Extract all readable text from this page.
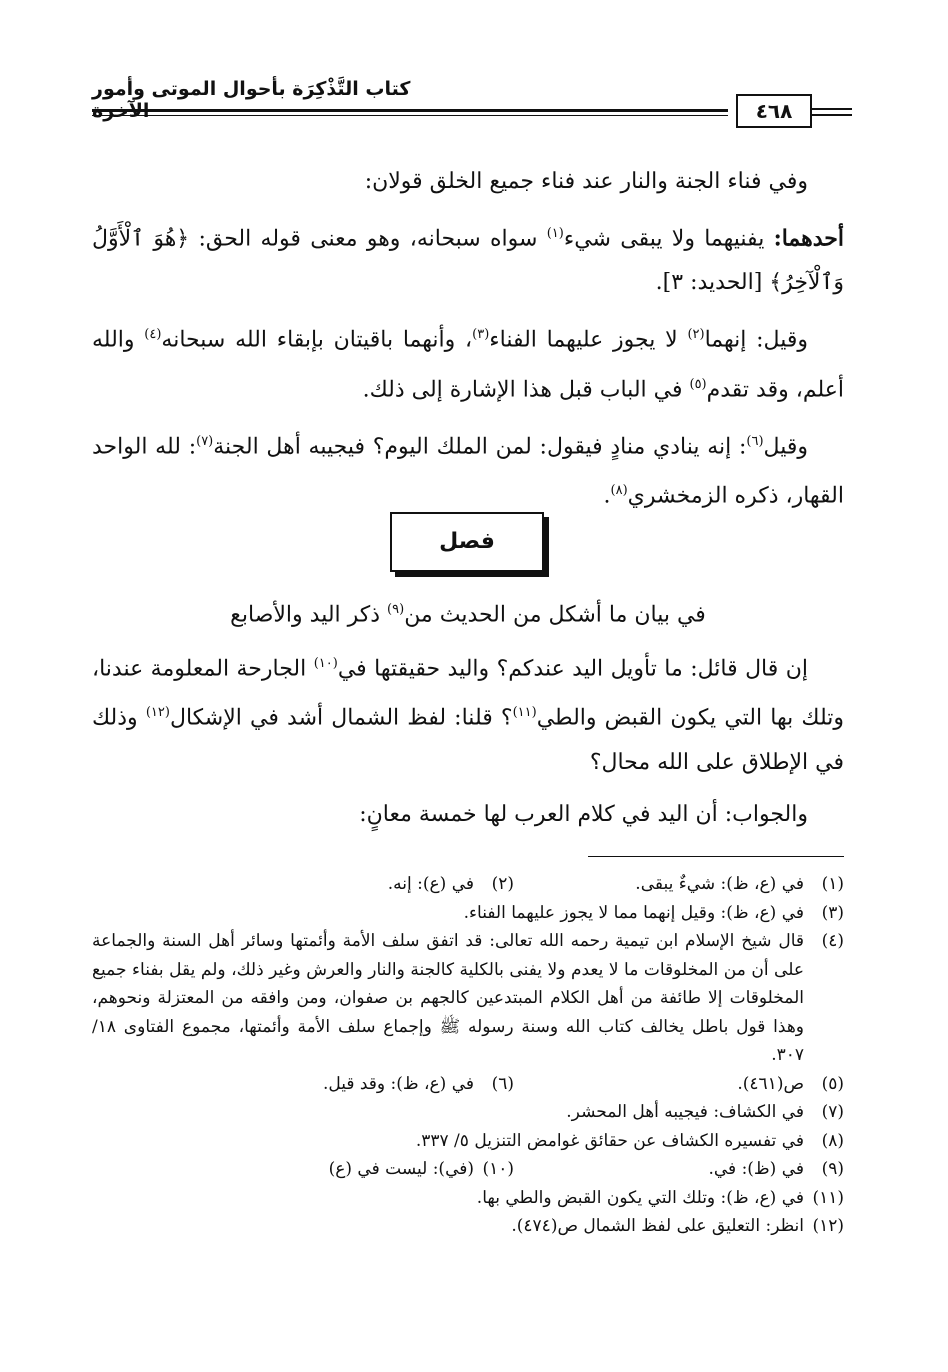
كتاب التَّذْكِرَة بأحوال الموتى وأمور
٤٦٨

وفي فناء الجنة والنار عند فناء جميع الخلق قولان:

أحدهما: يفنيهما ولا يبقى شيء$^{(١)}$ سواه سبحانه، وهو معنى قوله الحق: ﴿هُوَ ٱلْأَوَّلُ وَٱلْآخِرُ﴾ [الحديد: ٣].

وقيل: إنهما$^{(٢)}$ لا يجوز عليهما الفناء$^{(٣)}$، وأنهما باقيتان بإبقاء الله سبحانه$^{(٤)}$ والله أعلم، وقد تقدم$^{(٥)}$ في الباب قبل هذا الإشارة إلى ذلك.

وقيل$^{(٦)}$: إنه ينادي منادٍ فيقول: لمن الملك اليوم؟ فيجيبه أهل الجنة$^{(٧)}$: لله الواحد القهار، ذكره الزمخشري$^{(٨)}$.

فصل
في بيان ما أشكل من الحديث من$^{(٩)}$ ذكر اليد والأصابع

إن قال قائل: ما تأويل اليد عندكم؟ واليد حقيقتها في$^{(١٠)}$ الجارحة المعلومة عندنا، وتلك بها التي يكون القبض والطي$^{(١١)}$؟ قلنا: لفظ الشمال أشد في الإشكال$^{(١٢)}$ وذلك في الإطلاق على الله محال؟

والجواب: أن اليد في كلام العرب لها خمسة معانٍ:

(١)
في (ع، ظ): شيءٌ يبقى.
(٢)
في (ع): إنه.
(٣)
في (ع، ظ): وقيل إنهما مما لا يجوز عليهما الفناء.
(٤)
قال شيخ الإسلام ابن تيمية رحمه الله تعالى: قد اتفق سلف الأمة وأئمتها وسائر أهل السنة والجماعة على أن من المخلوقات ما لا يعدم ولا يفنى بالكلية كالجنة والنار والعرش وغير ذلك، ولم يقل بفناء جميع المخلوقات إلا طائفة من أهل الكلام المبتدعين كالجهم بن صفوان، ومن وافقه من المعتزلة ونحوهم، وهذا قول باطل يخالف كتاب الله وسنة رسوله ﷺ وإجماع سلف الأمة وأئمتها، مجموع الفتاوى ١٨/ ٣٠٧.
(٥)
ص(٤٦١).
(٦)
في (ع، ظ): وقد قيل.
(٧)
في الكشاف: فيجيبه أهل المحشر.
(٨)
في تفسيره الكشاف عن حقائق غوامض التنزيل ٥/ ٣٣٧.
(٩)
في (ظ): في.
(١٠)
(في): ليست في (ع)
(١١)
في (ع، ظ): وتلك التي يكون القبض والطي بها.
(١٢)
انظر: التعليق على لفظ الشمال ص(٤٧٤).
